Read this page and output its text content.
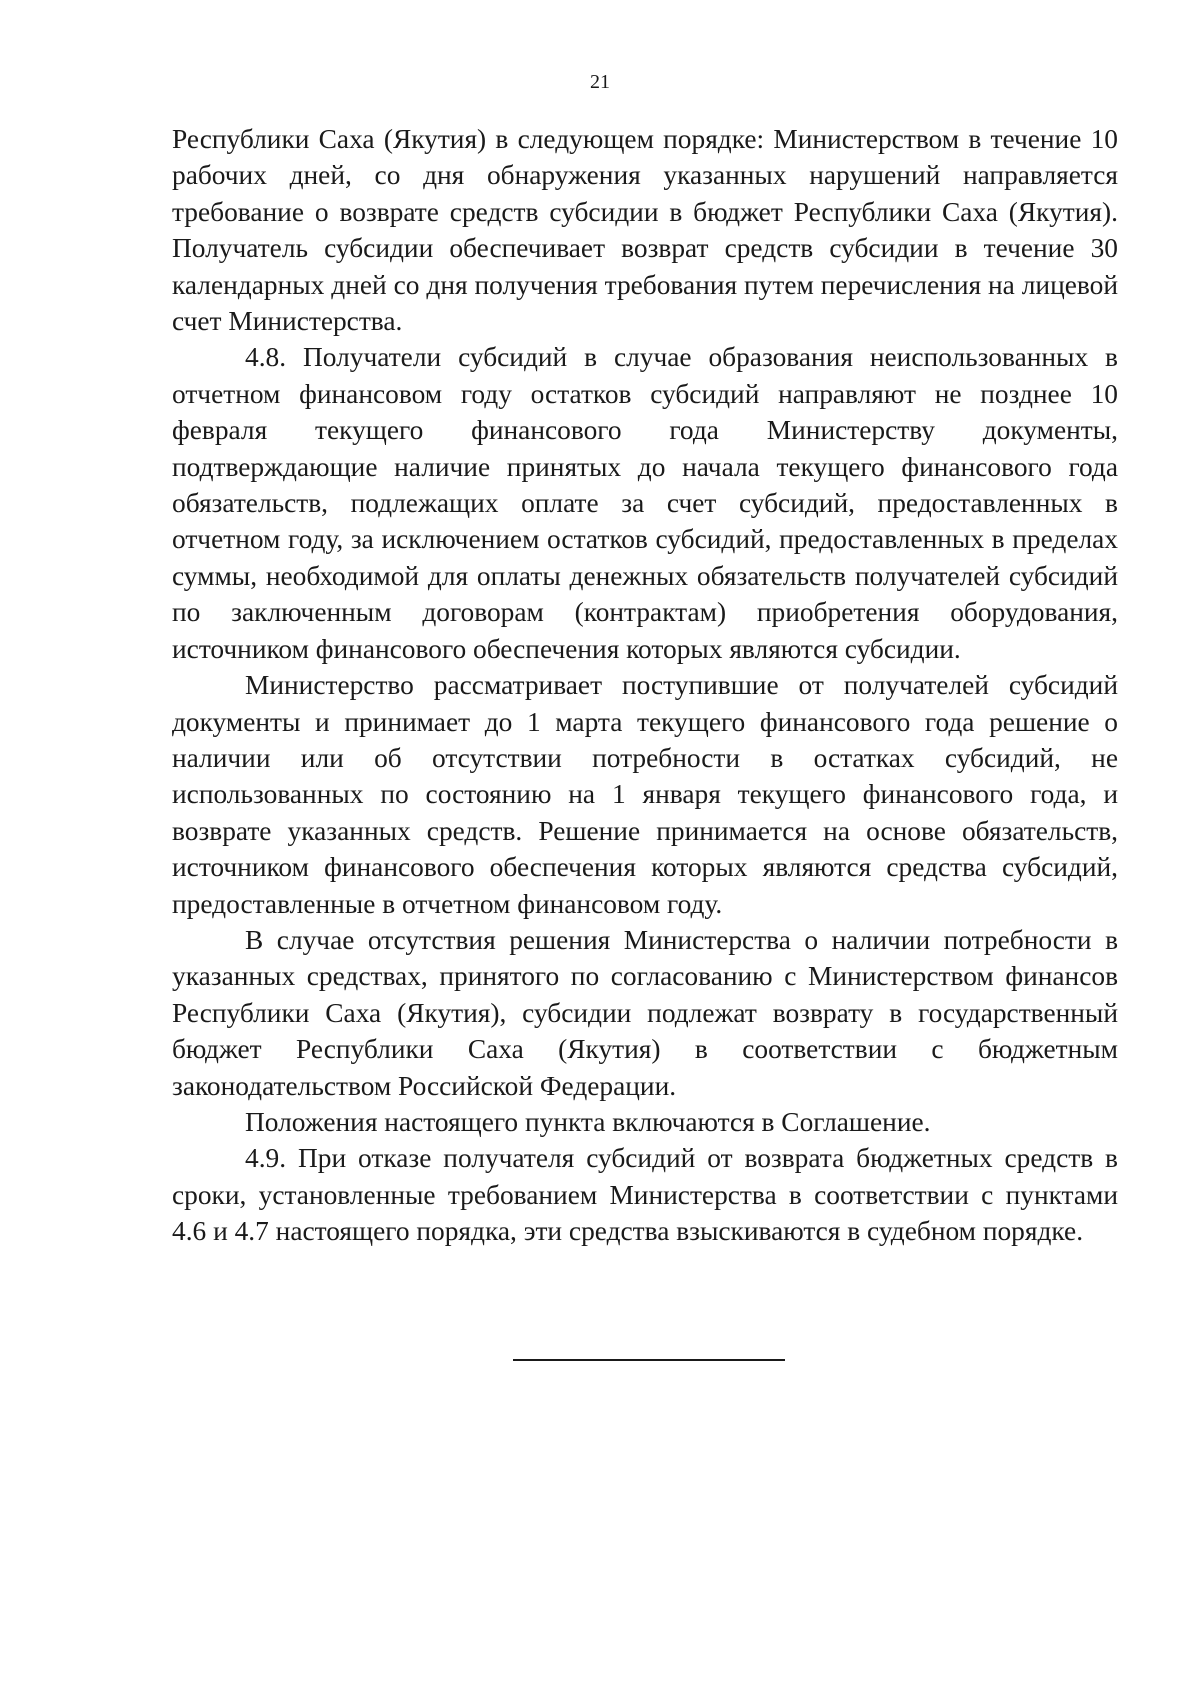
21

Республики Саха (Якутия) в следующем порядке: Министерством в течение 10 рабочих дней, со дня обнаружения указанных нарушений направляется требование о возврате средств субсидии в бюджет Республики Саха (Якутия). Получатель субсидии обеспечивает возврат средств субсидии в течение 30 календарных дней со дня получения требования путем перечисления на лицевой счет Министерства.

4.8. Получатели субсидий в случае образования неиспользованных в отчетном финансовом году остатков субсидий направляют не позднее 10 февраля текущего финансового года Министерству документы, подтверждающие наличие принятых до начала текущего финансового года обязательств, подлежащих оплате за счет субсидий, предоставленных в отчетном году, за исключением остатков субсидий, предоставленных в пределах суммы, необходимой для оплаты денежных обязательств получателей субсидий по заключенным договорам (контрактам) приобретения оборудования, источником финансового обеспечения которых являются субсидии.

Министерство рассматривает поступившие от получателей субсидий документы и принимает до 1 марта текущего финансового года решение о наличии или об отсутствии потребности в остатках субсидий, не использованных по состоянию на 1 января текущего финансового года, и возврате указанных средств. Решение принимается на основе обязательств, источником финансового обеспечения которых являются средства субсидий, предоставленные в отчетном финансовом году.

В случае отсутствия решения Министерства о наличии потребности в указанных средствах, принятого по согласованию с Министерством финансов Республики Саха (Якутия), субсидии подлежат возврату в государственный бюджет Республики Саха (Якутия) в соответствии с бюджетным законодательством Российской Федерации.

Положения настоящего пункта включаются в Соглашение.

4.9. При отказе получателя субсидий от возврата бюджетных средств в сроки, установленные требованием Министерства в соответствии с пунктами 4.6 и 4.7 настоящего порядка, эти средства взыскиваются в судебном порядке.
